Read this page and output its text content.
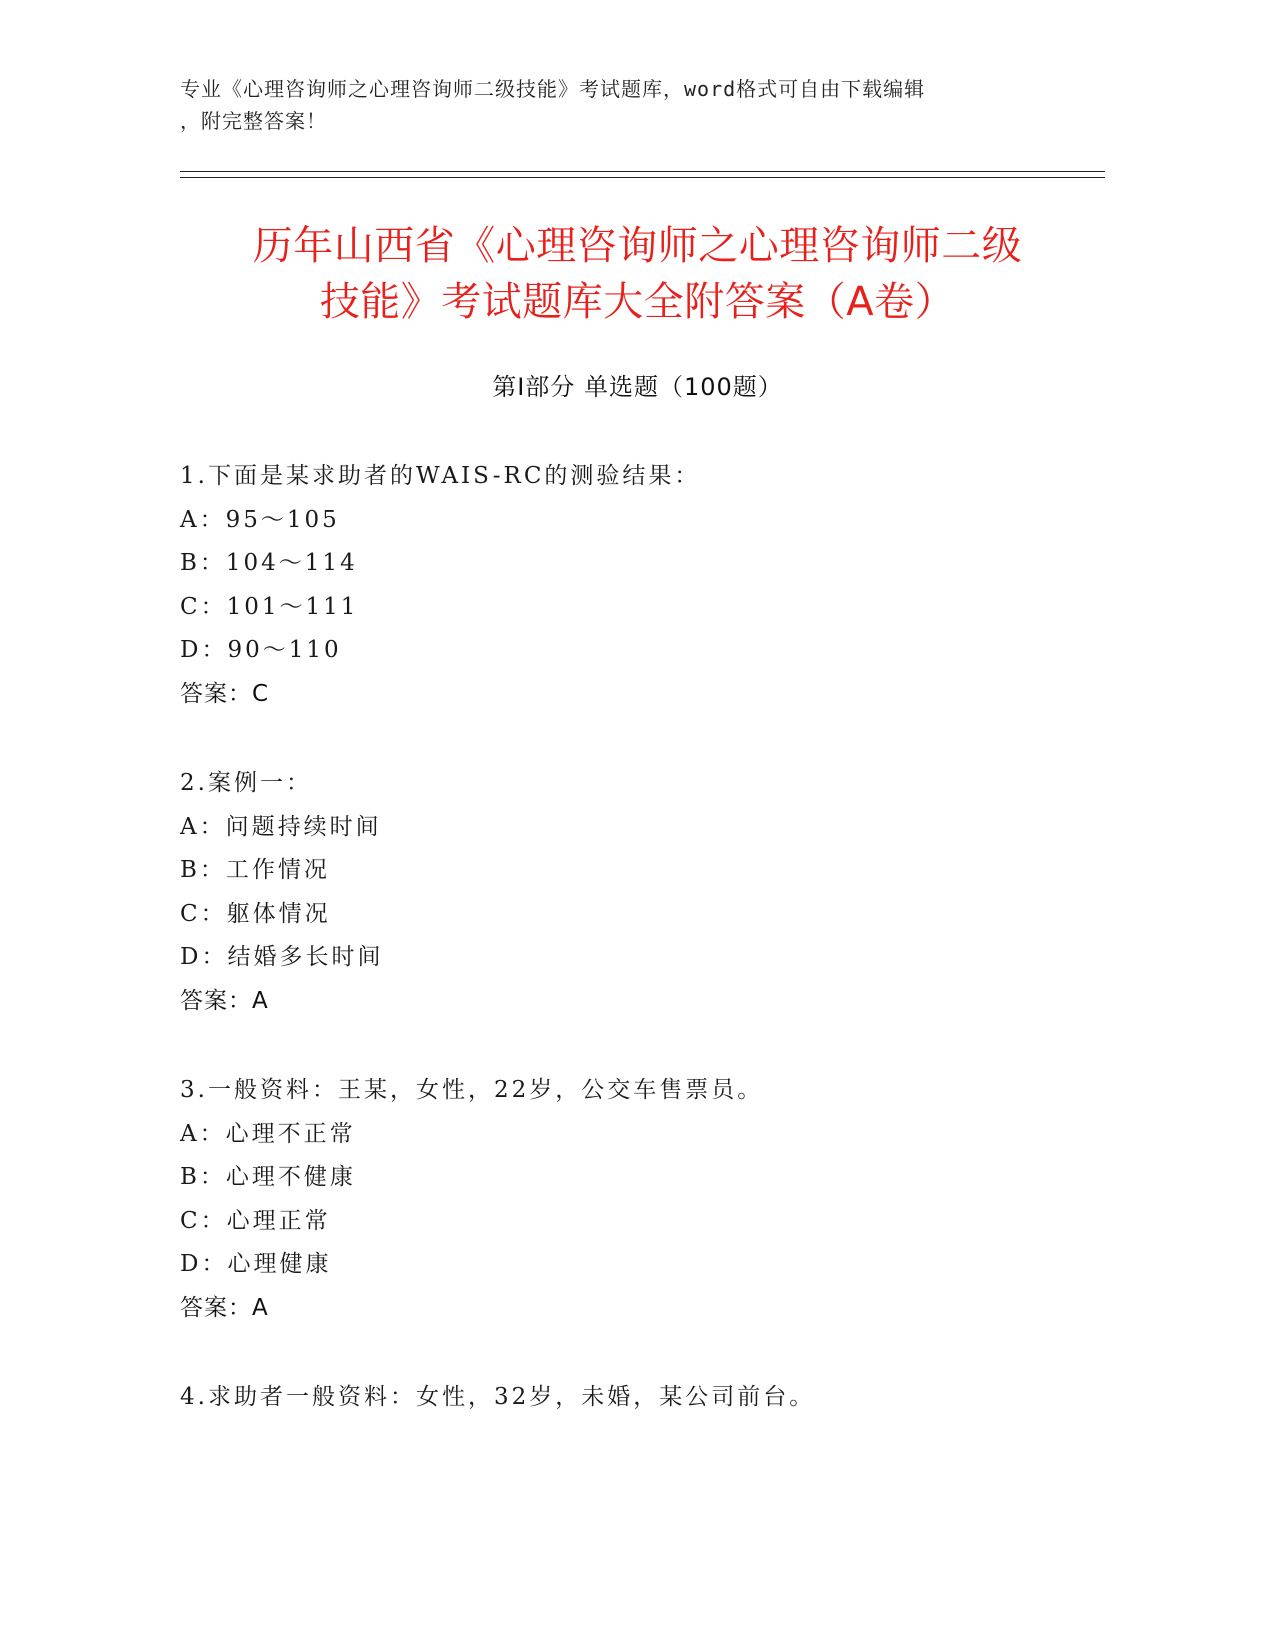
专业《心理咨询师之心理咨询师二级技能》考试题库，word格式可自由下载编辑
，附完整答案！
历年山西省《心理咨询师之心理咨询师二级
技能》考试题库大全附答案（A卷）
第Ⅰ部分 单选题（100题）
1.下面是某求助者的WAIS-RC的测验结果：
A：95～105
B：104～114
C：101～111
D：90～110
答案：C
2.案例一：
A：问题持续时间
B：工作情况
C：躯体情况
D：结婚多长时间
答案：A
3.一般资料：王某，女性，22岁，公交车售票员。
A：心理不正常
B：心理不健康
C：心理正常
D：心理健康
答案：A
4.求助者一般资料：女性，32岁，未婚，某公司前台。
